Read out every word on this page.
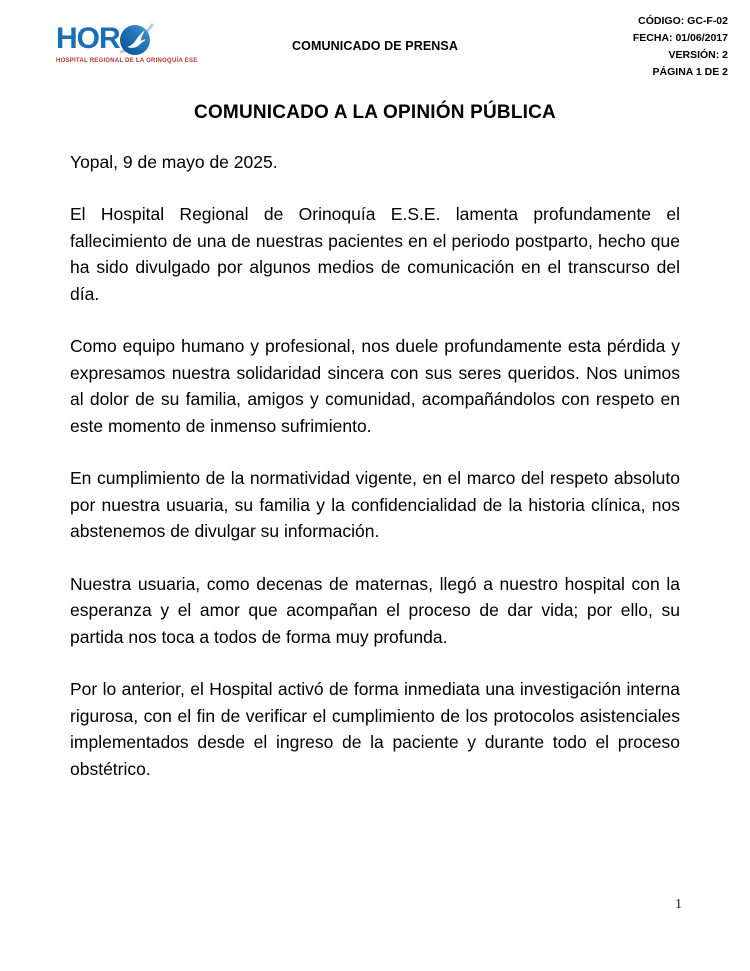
HOR
HOSPITAL REGIONAL DE LA ORINOQUÍA ESE
COMUNICADO DE PRENSA
CÓDIGO: GC-F-02
FECHA: 01/06/2017
VERSIÓN: 2
PÁGINA 1 DE 2
COMUNICADO A LA OPINIÓN PÚBLICA

Yopal, 9 de mayo de 2025.

El Hospital Regional de Orinoquía E.S.E. lamenta profundamente el fallecimiento de una de nuestras pacientes en el periodo postparto, hecho que ha sido divulgado por algunos medios de comunicación en el transcurso del día.

Como equipo humano y profesional, nos duele profundamente esta pérdida y expresamos nuestra solidaridad sincera con sus seres queridos. Nos unimos al dolor de su familia, amigos y comunidad, acompañándolos con respeto en este momento de inmenso sufrimiento.

En cumplimiento de la normatividad vigente, en el marco del respeto absoluto por nuestra usuaria, su familia y la confidencialidad de la historia clínica, nos abstenemos de divulgar su información.

Nuestra usuaria, como decenas de maternas, llegó a nuestro hospital con la esperanza y el amor que acompañan el proceso de dar vida; por ello, su partida nos toca a todos de forma muy profunda.

Por lo anterior, el Hospital activó de forma inmediata una investigación interna rigurosa, con el fin de verificar el cumplimiento de los protocolos asistenciales implementados desde el ingreso de la paciente y durante todo el proceso obstétrico.

1
